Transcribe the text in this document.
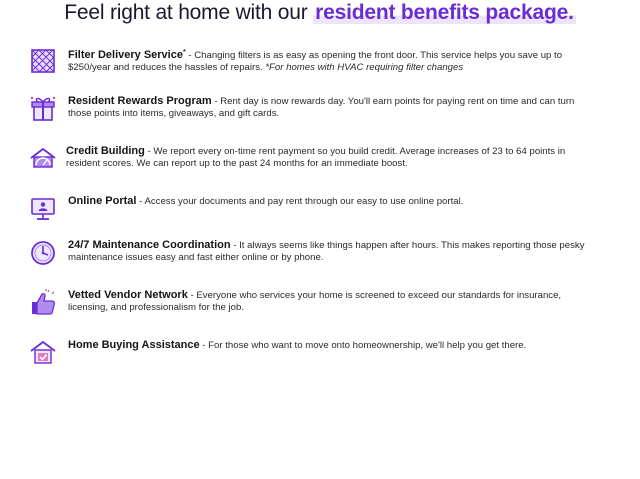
Feel right at home with our resident benefits package.
Filter Delivery Service* - Changing filters is as easy as opening the front door. This service helps you save up to $250/year and reduces the hassles of repairs. *For homes with HVAC requiring filter changes
Resident Rewards Program - Rent day is now rewards day. You'll earn points for paying rent on time and can turn those points into items, giveaways, and gift cards.
Credit Building - We report every on-time rent payment so you build credit. Average increases of 23 to 64 points in resident scores. We can report up to the past 24 months for an immediate boost.
Online Portal - Access your documents and pay rent through our easy to use online portal.
24/7 Maintenance Coordination - It always seems like things happen after hours. This makes reporting those pesky maintenance issues easy and fast either online or by phone.
Vetted Vendor Network - Everyone who services your home is screened to exceed our standards for insurance, licensing, and professionalism for the job.
Home Buying Assistance - For those who want to move onto homeownership, we'll help you get there.
